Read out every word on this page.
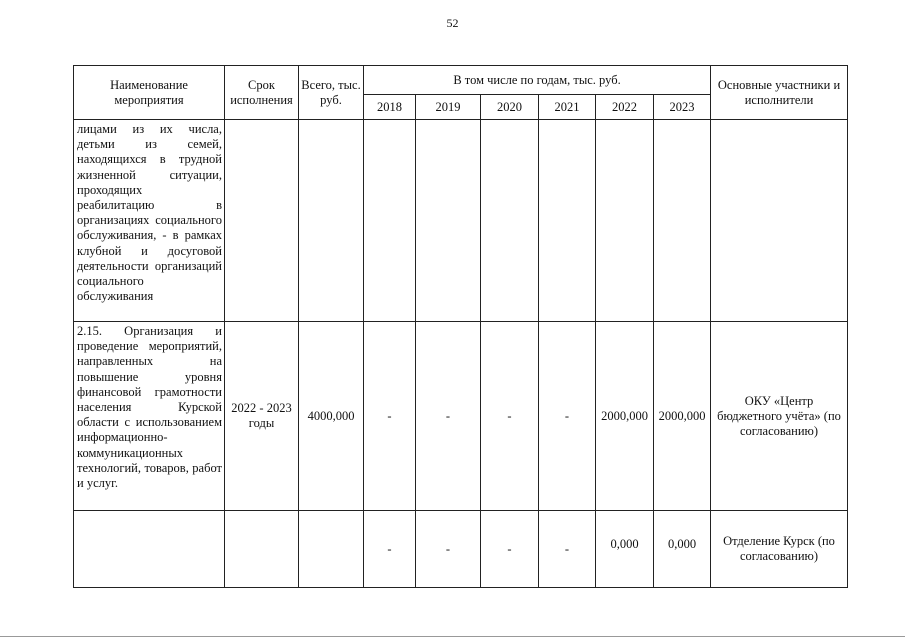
52
Наименование мероприятия	Срок исполнения	Всего, тыс. руб.	В том числе по годам, тыс. руб.						Основные участники и исполнители
			2018	2019	2020	2021	2022	2023	
лицами из их числа, детьми из семей, находящихся в трудной жизненной ситуации, проходящих реабилитацию в организациях социального обслуживания, - в рамках клубной и досуговой деятельности организаций социального обслуживания									
2.15. Организация и проведение мероприятий, направленных на повышение уровня финансовой грамотности населения Курской области с использованием информационно-коммуникационных технологий, товаров, работ и услуг.	2022 - 2023 годы	4000,000	-	-	-	-	2000,000	2000,000	ОКУ «Центр бюджетного учёта» (по согласованию)
			-	-	-	-	0,000	0,000	Отделение Курск (по согласованию)
